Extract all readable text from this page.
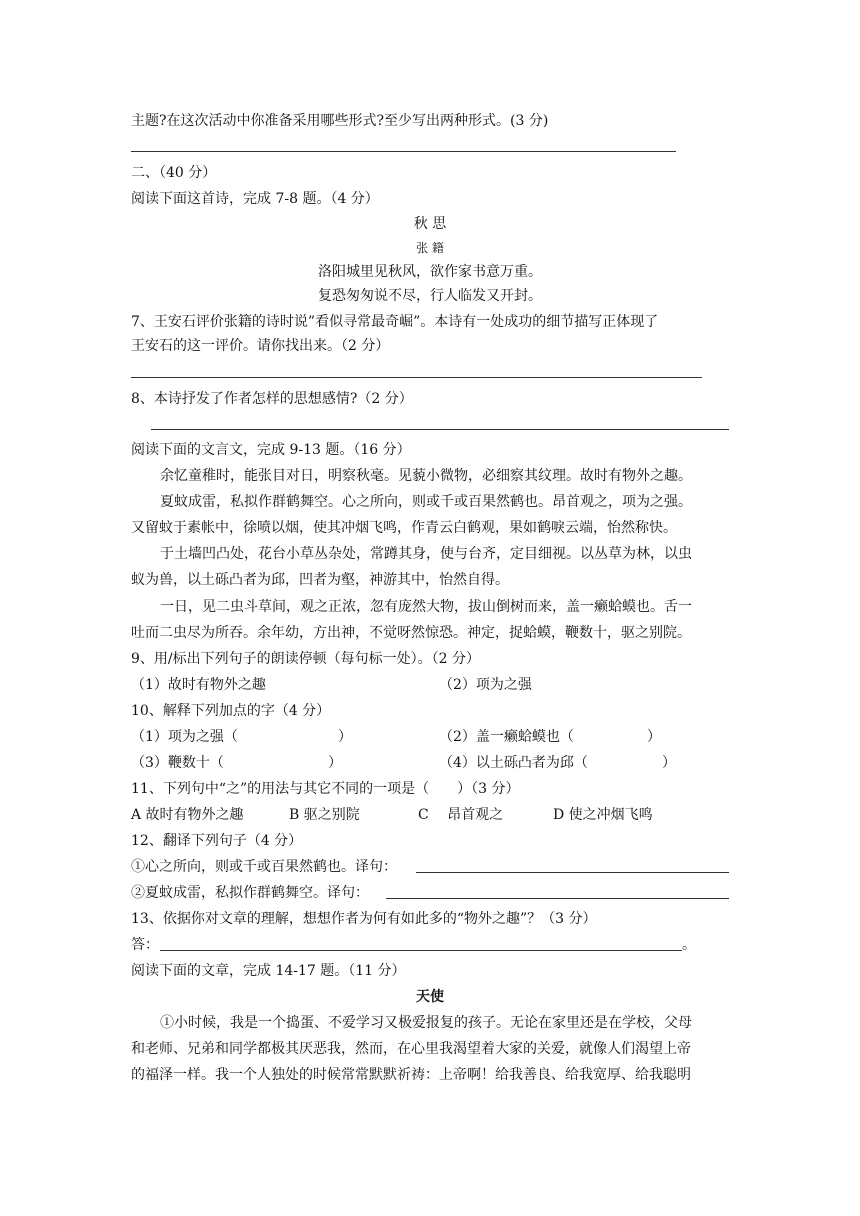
主题?在这次活动中你准备采用哪些形式?至少写出两种形式。(3 分)
二、（40 分）
阅读下面这首诗，完成 7-8 题。（4 分）
秋 思
张 籍
洛阳城里见秋风，欲作家书意万重。
复恐匆匆说不尽，行人临发又开封。
7、王安石评价张籍的诗时说”看似寻常最奇崛”。本诗有一处成功的细节描写正体现了
王安石的这一评价。请你找出来。（2 分）
8、本诗抒发了作者怎样的思想感情?（2 分）
阅读下面的文言文，完成 9-13 题。（16 分）
余忆童稚时，能张目对日，明察秋毫。见藐小微物，必细察其纹理。故时有物外之趣。
夏蚊成雷，私拟作群鹤舞空。心之所向，则或千或百果然鹤也。昂首观之，项为之强。
又留蚊于素帐中，徐喷以烟，使其冲烟飞鸣，作青云白鹤观，果如鹤唳云端，怡然称快。
于土墙凹凸处，花台小草丛杂处，常蹲其身，使与台齐，定目细视。以丛草为林，以虫
蚁为兽，以土砾凸者为邱，凹者为壑，神游其中，怡然自得。
一日，见二虫斗草间，观之正浓，忽有庞然大物，拔山倒树而来，盖一癞蛤蟆也。舌一
吐而二虫尽为所吞。余年幼，方出神，不觉呀然惊恐。神定，捉蛤蟆，鞭数十，驱之别院。
9、用/标出下列句子的朗读停顿（每句标一处）。（2 分）
（1）故时有物外之趣	（2）项为之强
10、解释下列加点的字（4 分）
（1）项为之强（	）	（2）盖一癞蛤蟆也（	）
（3）鞭数十（	）	（4）以土砾凸者为邱（	）
11、下列句中“之”的用法与其它不同的一项是（　　）（3 分）
A 故时有物外之趣	B 驱之别院	C　 昂首观之	D 使之冲烟飞鸣
12、翻译下列句子（4 分）
①心之所向，则或千或百果然鹤也。译句：
②夏蚊成雷，私拟作群鹤舞空。译句：
13、依据你对文章的理解，想想作者为何有如此多的“物外之趣”？（3 分）
答：	。
阅读下面的文章，完成 14-17 题。（11 分）
天使
①小时候，我是一个捣蛋、不爱学习又极爱报复的孩子。无论在家里还是在学校，父母
和老师、兄弟和同学都极其厌恶我，然而，在心里我渴望着大家的关爱，就像人们渴望上帝
的福泽一样。我一个人独处的时候常常默默祈祷：上帝啊！给我善良、给我宽厚、给我聪明
